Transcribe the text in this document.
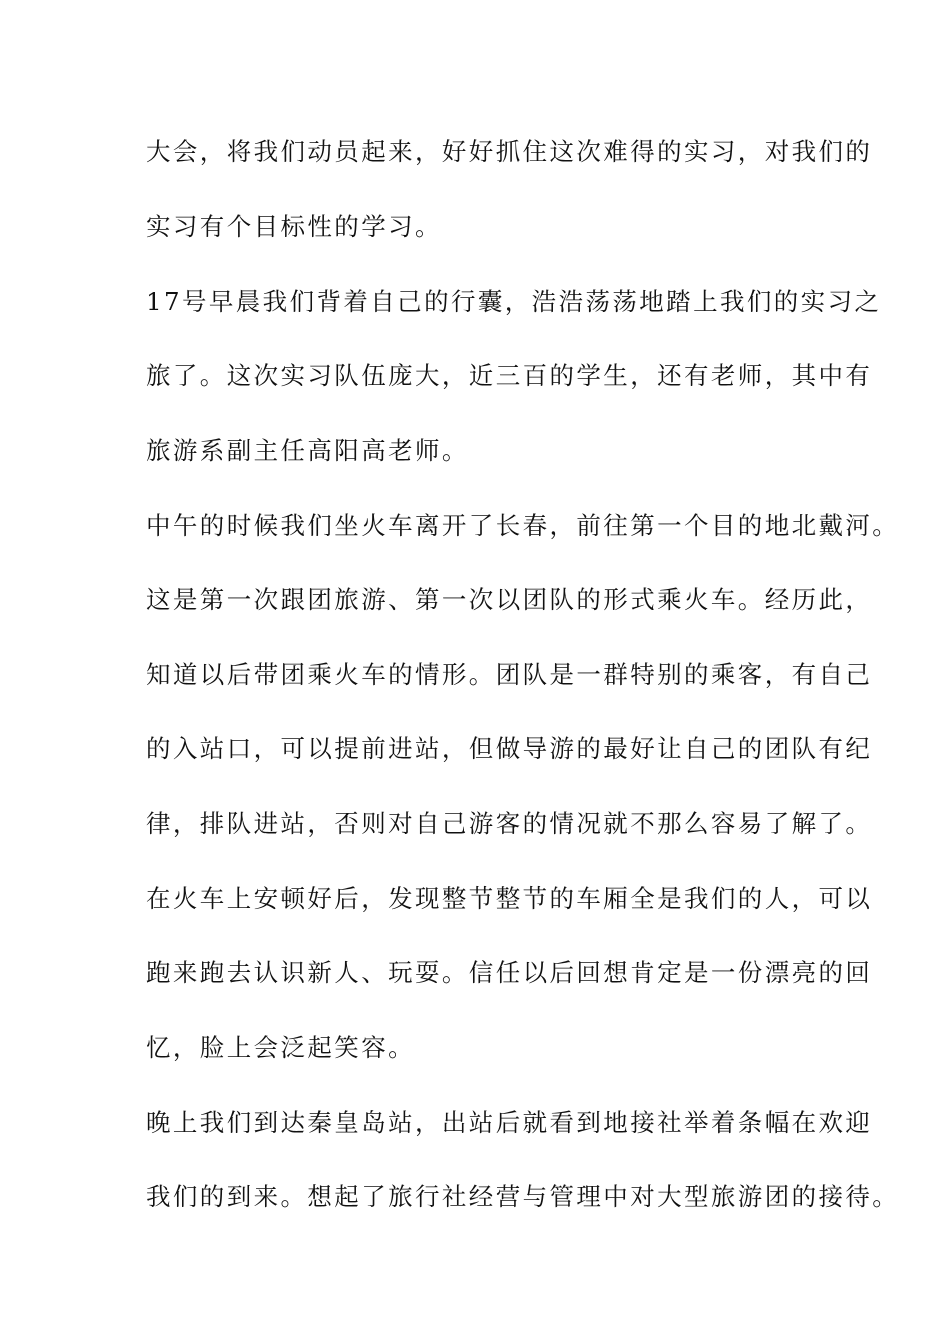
大会，将我们动员起来，好好抓住这次难得的实习，对我们的
实习有个目标性的学习。
17号早晨我们背着自己的行囊，浩浩荡荡地踏上我们的实习之
旅了。这次实习队伍庞大，近三百的学生，还有老师，其中有
旅游系副主任高阳高老师。
中午的时候我们坐火车离开了长春，前往第一个目的地北戴河。
这是第一次跟团旅游、第一次以团队的形式乘火车。经历此，
知道以后带团乘火车的情形。团队是一群特别的乘客，有自己
的入站口，可以提前进站，但做导游的最好让自己的团队有纪
律，排队进站，否则对自己游客的情况就不那么容易了解了。
在火车上安顿好后，发现整节整节的车厢全是我们的人，可以
跑来跑去认识新人、玩耍。信任以后回想肯定是一份漂亮的回
忆，脸上会泛起笑容。
晚上我们到达秦皇岛站，出站后就看到地接社举着条幅在欢迎
我们的到来。想起了旅行社经营与管理中对大型旅游团的接待。
